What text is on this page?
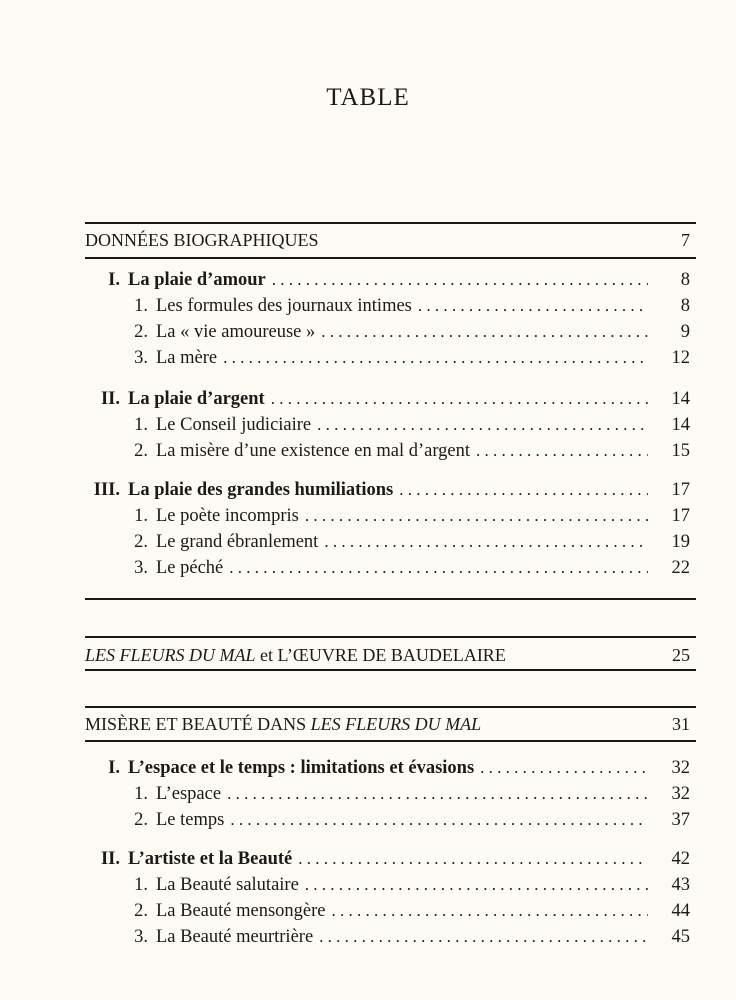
TABLE
DONNÉES BIOGRAPHIQUES	7
I. La plaie d’amour . . .	8
1. Les formules des journaux intimes . . .	8
2. La « vie amoureuse » . . .	9
3. La mère . . .	12
II. La plaie d’argent . . .	14
1. Le Conseil judiciaire . . .	14
2. La misère d’une existence en mal d’argent . . .	15
III. La plaie des grandes humiliations . . .	17
1. Le poète incompris . . .	17
2. Le grand ébranlement . . .	19
3. Le péché . . .	22
LES FLEURS DU MAL et L’ŒUVRE DE BAUDELAIRE	25
MISÈRE ET BEAUTÉ DANS LES FLEURS DU MAL	31
I. L’espace et le temps : limitations et évasions . . .	32
1. L’espace . . .	32
2. Le temps . . .	37
II. L’artiste et la Beauté . . .	42
1. La Beauté salutaire . . .	43
2. La Beauté mensongère . . .	44
3. La Beauté meurtrière . . .	45
